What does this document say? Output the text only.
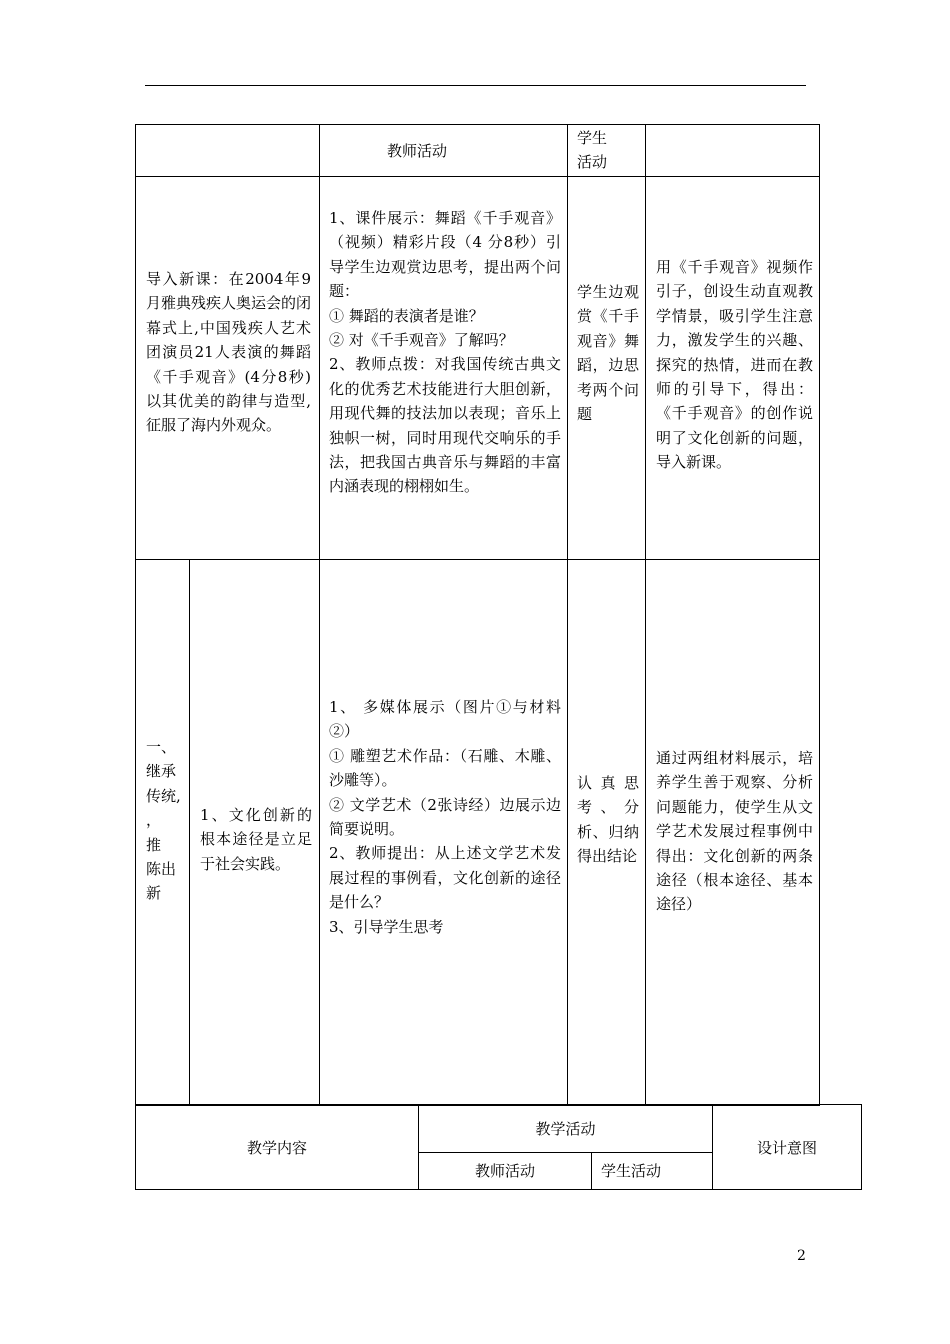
教师活动
学生活动
导入新课：在2004年9月雅典残疾人奥运会的闭幕式上,中国残疾人艺术团演员21人表演的舞蹈《千手观音》(4分8秒)以其优美的韵律与造型,征服了海内外观众。
1、课件展示：舞蹈《千手观音》（视频）精彩片段（4 分8秒）引导学生边观赏边思考，提出两个问题：
① 舞蹈的表演者是谁？
② 对《千手观音》了解吗？
2、教师点拨：对我国传统古典文化的优秀艺术技能进行大胆创新，用现代舞的技法加以表现；音乐上独帜一树，同时用现代交响乐的手法，把我国古典音乐与舞蹈的丰富内涵表现的栩栩如生。
学生边观赏《千手观音》舞蹈，边思考两个问题
用《千手观音》视频作引子，创设生动直观教学情景，吸引学生注意力，激发学生的兴趣、探究的热情，进而在教师的引导下，得出：《千手观音》的创作说明了文化创新的问题，导入新课。
一、
继承
传统,
，
推
陈出
新
1、文化创新的根本途径是立足于社会实践。
1、 多媒体展示（图片①与材料②）
① 雕塑艺术作品：（石雕、木雕、沙雕等）。
② 文学艺术（2张诗经）边展示边简要说明。
2、教师提出：从上述文学艺术发展过程的事例看，文化创新的途径是什么？
3、引导学生思考
认真思考、分析、归纳得出结论
通过两组材料展示，培养学生善于观察、分析问题能力，使学生从文学艺术发展过程事例中得出：文化创新的两条途径（根本途径、基本途径）
教学内容
教学活动
教师活动	学生活动
设计意图
2
